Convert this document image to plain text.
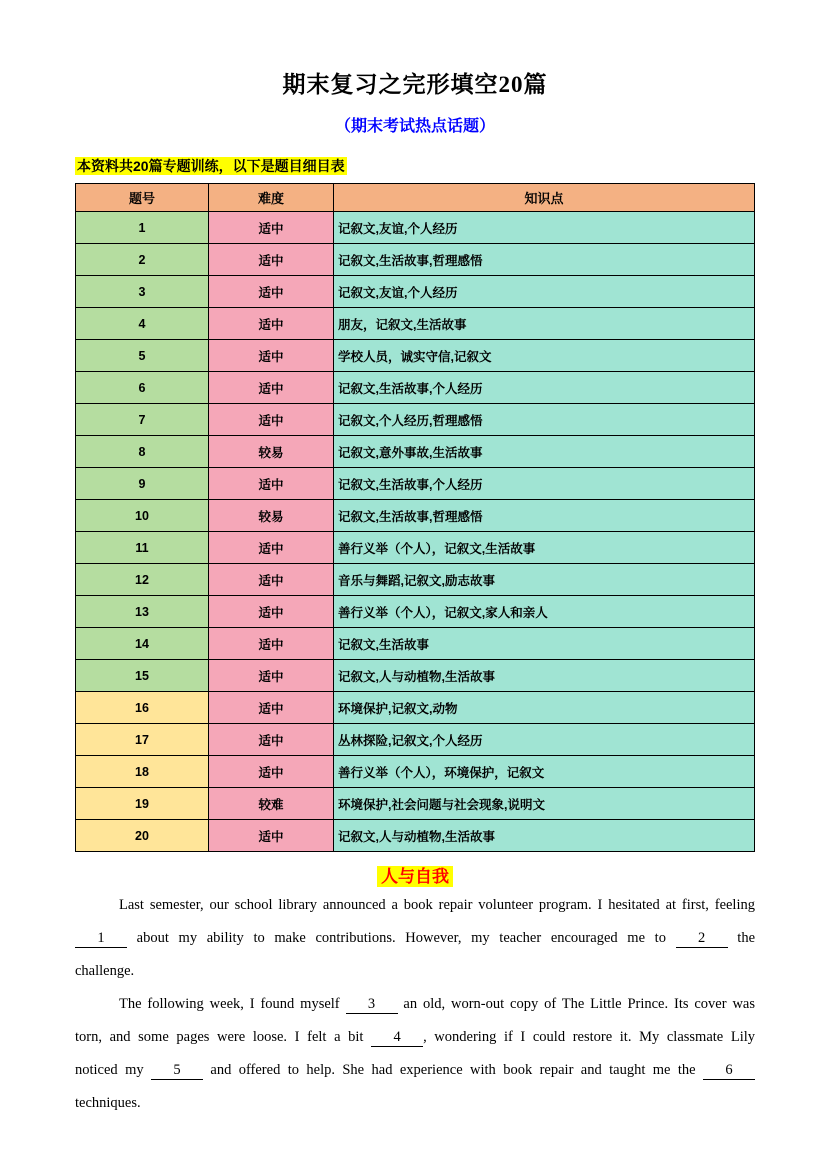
期末复习之完形填空20篇
（期末考试热点话题）

本资料共20篇专题训练，以下是题目细目表

题号	难度	知识点
1	适中	记叙文,友谊,个人经历
2	适中	记叙文,生活故事,哲理感悟
3	适中	记叙文,友谊,个人经历
4	适中	朋友，记叙文,生活故事
5	适中	学校人员，诚实守信,记叙文
6	适中	记叙文,生活故事,个人经历
7	适中	记叙文,个人经历,哲理感悟
8	较易	记叙文,意外事故,生活故事
9	适中	记叙文,生活故事,个人经历
10	较易	记叙文,生活故事,哲理感悟
11	适中	善行义举（个人），记叙文,生活故事
12	适中	音乐与舞蹈,记叙文,励志故事
13	适中	善行义举（个人），记叙文,家人和亲人
14	适中	记叙文,生活故事
15	适中	记叙文,人与动植物,生活故事
16	适中	环境保护,记叙文,动物
17	适中	丛林探险,记叙文,个人经历
18	适中	善行义举（个人），环境保护，记叙文
19	较难	环境保护,社会问题与社会现象,说明文
20	适中	记叙文,人与动植物,生活故事
人与自我

Last semester, our school library announced a book repair volunteer program. I hesitated at first, feeling 1 about my ability to make contributions. However, my teacher encouraged me to 2 the challenge.

The following week, I found myself 3 an old, worn-out copy of The Little Prince. Its cover was torn, and some pages were loose. I felt a bit 4 , wondering if I could restore it. My classmate Lily noticed my 5 and offered to help. She had experience with book repair and taught me the 6 techniques.
